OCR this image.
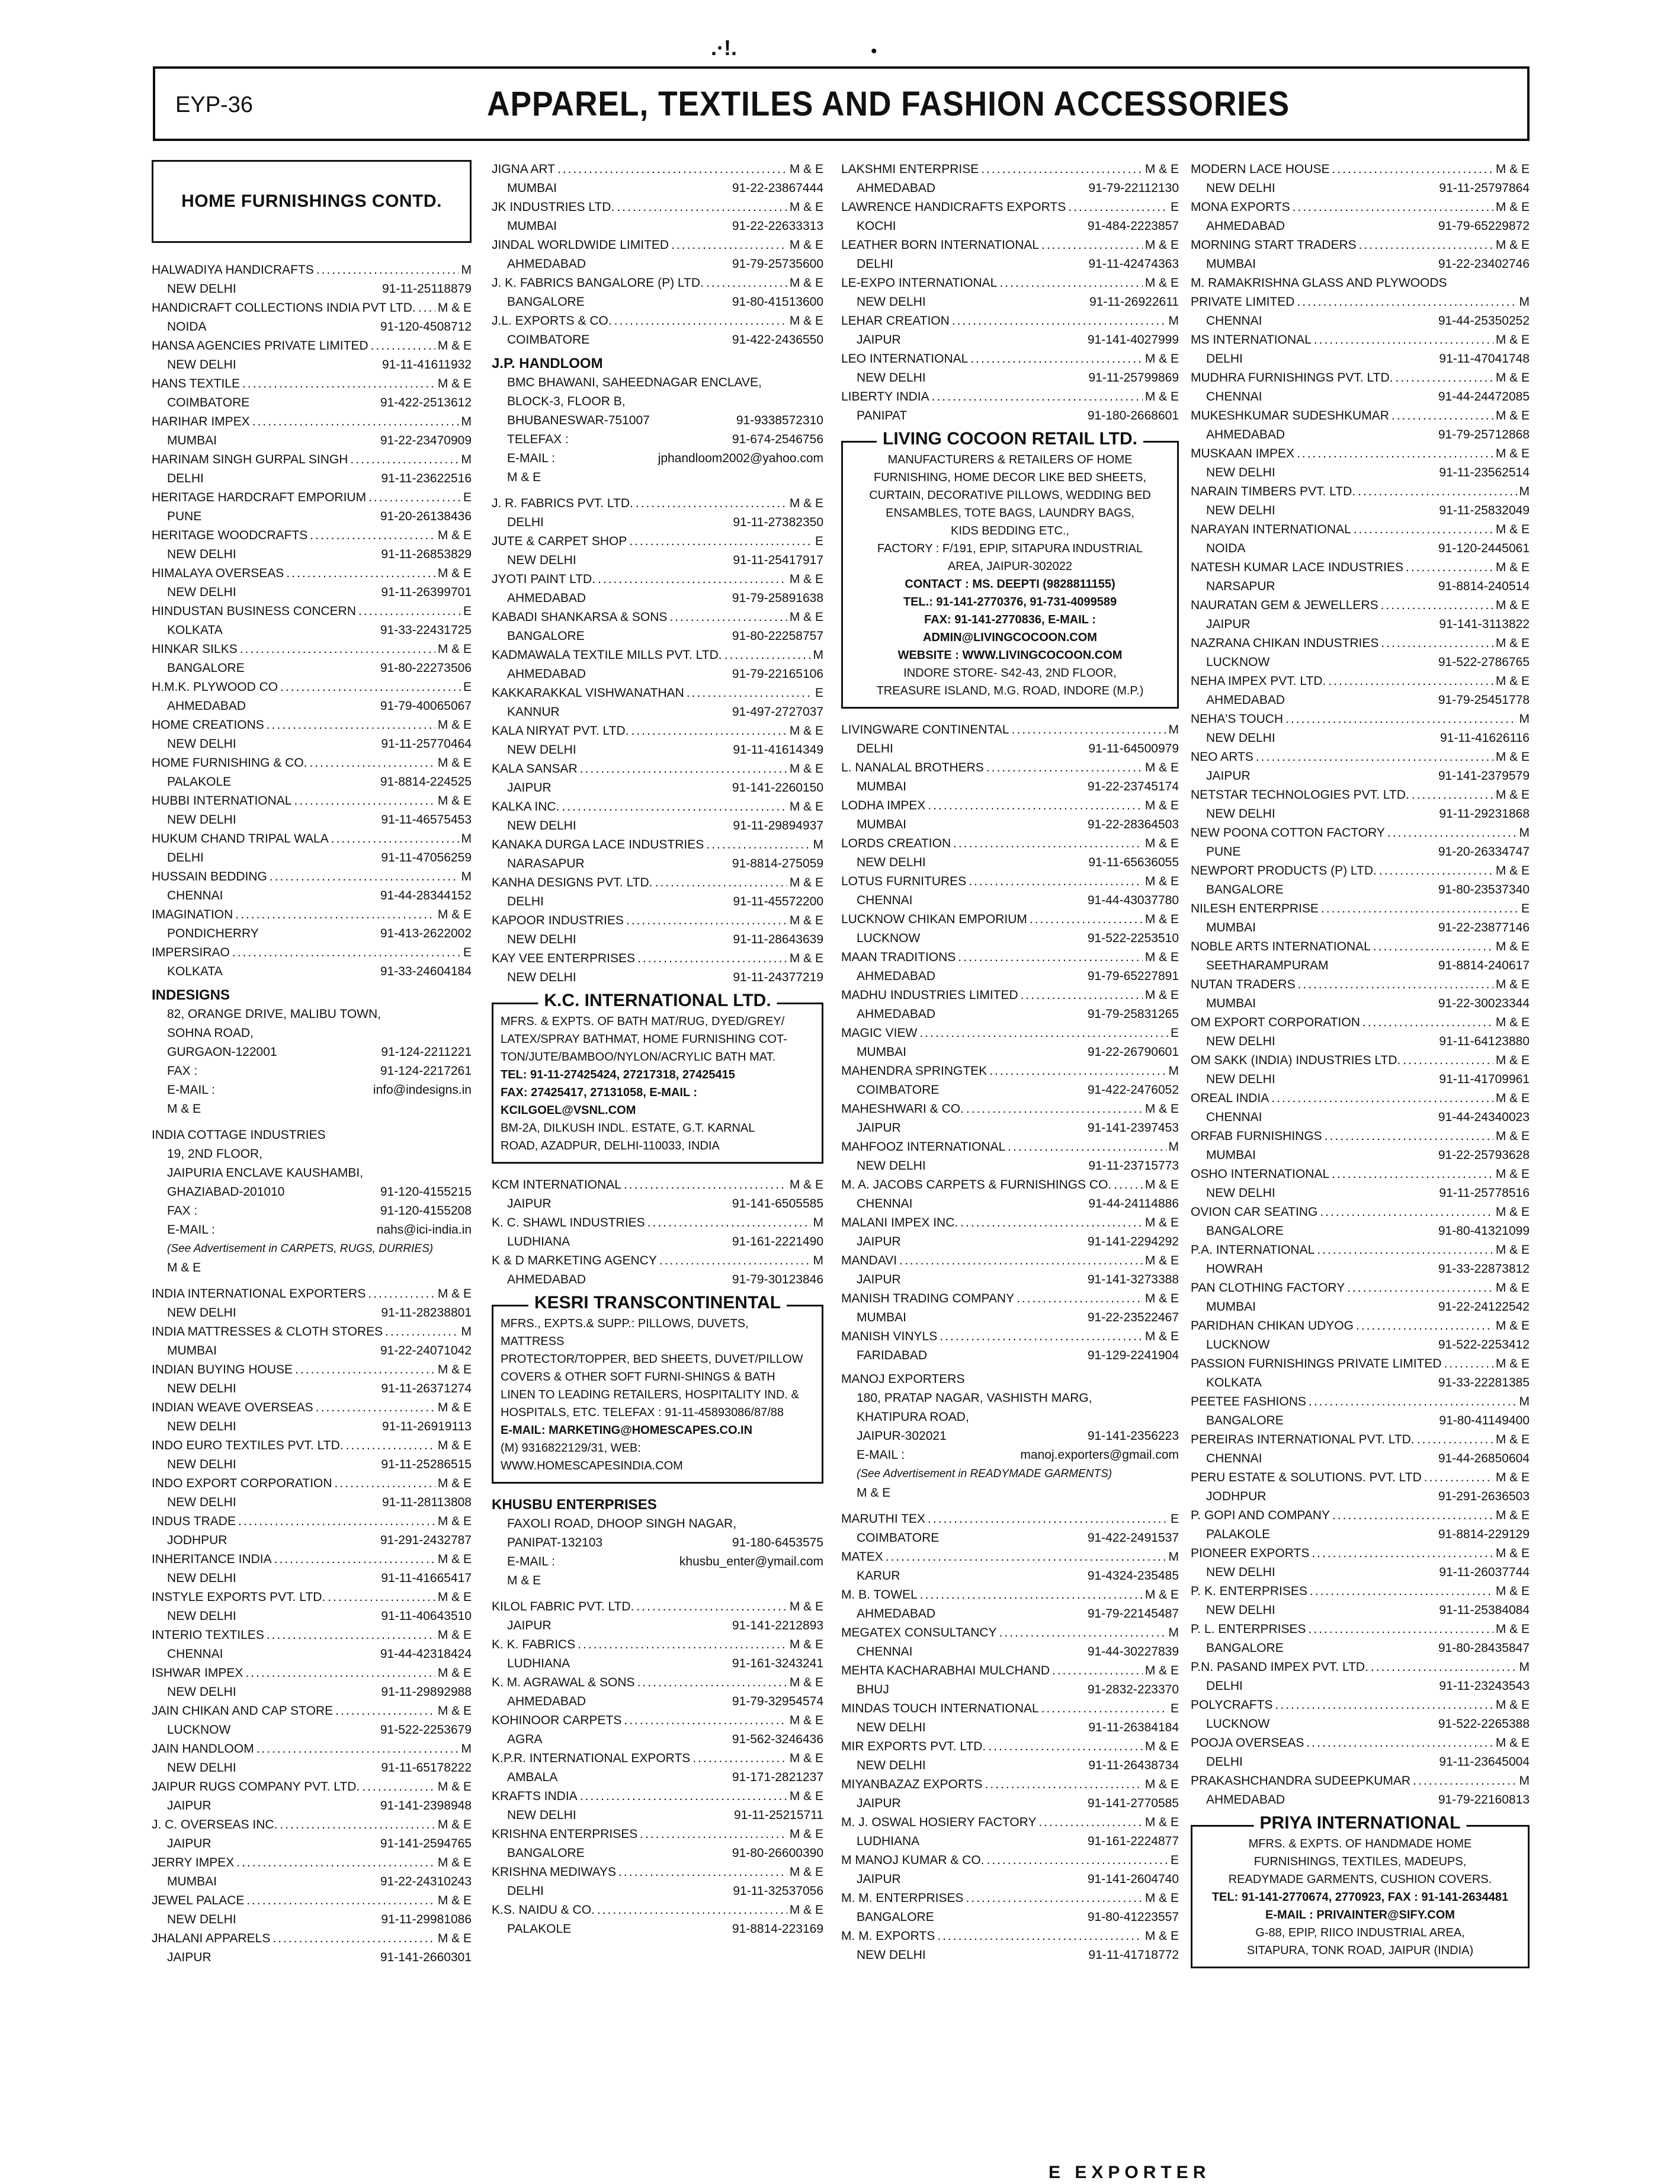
.·!.	•
EYP-36	APPAREL, TEXTILES AND FASHION ACCESSORIES
HOME FURNISHINGS CONTD.
HALWADIYA HANDICRAFTS .....	M
NEW DELHI	91-11-25118879
HANDICRAFT COLLECTIONS INDIA PVT LTD. ..... M & E
NOIDA	91-120-4508712
HANSA AGENCIES PRIVATE LIMITED .....	M & E
NEW DELHI	91-11-41611932
HANS TEXTILE .....	M & E
COIMBATORE	91-422-2513612
HARIHAR IMPEX .....	M
MUMBAI	91-22-23470909
HARINAM SINGH GURPAL SINGH .....	M
DELHI	91-11-23622516
HERITAGE HARDCRAFT EMPORIUM .....	E
PUNE	91-20-26138436
HERITAGE WOODCRAFTS .....	M & E
NEW DELHI	91-11-26853829
HIMALAYA OVERSEAS .....	M & E
NEW DELHI	91-11-26399701
HINDUSTAN BUSINESS CONCERN .....	E
KOLKATA	91-33-22431725
HINKAR SILKS .....	M & E
BANGALORE	91-80-22273506
H.M.K. PLYWOOD CO .....	E
AHMEDABAD	91-79-40065067
HOME CREATIONS .....	M & E
NEW DELHI	91-11-25770464
HOME FURNISHING & CO. .....	M & E
PALAKOLE	91-8814-224525
HUBBI INTERNATIONAL .....	M & E
NEW DELHI	91-11-46575453
HUKUM CHAND TRIPAL WALA .....	M
DELHI	91-11-47056259
HUSSAIN BEDDING .....	M
CHENNAI	91-44-28344152
IMAGINATION .....	M & E
PONDICHERRY	91-413-2622002
IMPERSIRAO .....	E
KOLKATA	91-33-24604184
INDESIGNS
82, ORANGE DRIVE, MALIBU TOWN,
SOHNA ROAD,
GURGAON-122001	91-124-2211221
FAX :	91-124-2217261
E-MAIL :	info@indesigns.in
M & E
INDIA COTTAGE INDUSTRIES
19, 2ND FLOOR,
JAIPURIA ENCLAVE KAUSHAMBI,
GHAZIABAD-201010	91-120-4155215
FAX :	91-120-4155208
E-MAIL :	nahs@ici-india.in
(See Advertisement in CARPETS, RUGS, DURRIES)
M & E
INDIA INTERNATIONAL EXPORTERS .....	M & E
NEW DELHI	91-11-28238801
INDIA MATTRESSES & CLOTH STORES .....	M
MUMBAI	91-22-24071042
INDIAN BUYING HOUSE .....	M & E
NEW DELHI	91-11-26371274
INDIAN WEAVE OVERSEAS .....	M & E
NEW DELHI	91-11-26919113
INDO EURO TEXTILES PVT. LTD. .....	M & E
NEW DELHI	91-11-25286515
INDO EXPORT CORPORATION .....	M & E
NEW DELHI	91-11-28113808
INDUS TRADE .....	M & E
JODHPUR	91-291-2432787
INHERITANCE INDIA .....	M & E
NEW DELHI	91-11-41665417
INSTYLE EXPORTS PVT. LTD. .....	M & E
NEW DELHI	91-11-40643510
INTERIO TEXTILES .....	M & E
CHENNAI	91-44-42318424
ISHWAR IMPEX .....	M & E
NEW DELHI	91-11-29892988
JAIN CHIKAN AND CAP STORE .....	M & E
LUCKNOW	91-522-2253679
JAIN HANDLOOM .....	M
NEW DELHI	91-11-65178222
JAIPUR RUGS COMPANY PVT. LTD. .....	M & E
JAIPUR	91-141-2398948
J. C. OVERSEAS INC. .....	M & E
JAIPUR	91-141-2594765
JERRY IMPEX .....	M & E
MUMBAI	91-22-24310243
JEWEL PALACE .....	M & E
NEW DELHI	91-11-29981086
JHALANI APPARELS .....	M & E
JAIPUR	91-141-2660301
JIGNA ART .....	M & E
MUMBAI	91-22-23867444
JK INDUSTRIES LTD. .....	M & E
MUMBAI	91-22-22633313
JINDAL WORLDWIDE LIMITED .....	M & E
AHMEDABAD	91-79-25735600
J. K. FABRICS BANGALORE (P) LTD. .....	M & E
BANGALORE	91-80-41513600
J.L. EXPORTS & CO. .....	M & E
COIMBATORE	91-422-2436550
J.P. HANDLOOM
BMC BHAWANI, SAHEEDNAGAR ENCLAVE,
BLOCK-3, FLOOR B,
BHUBANESWAR-751007	91-9338572310
TELEFAX :	91-674-2546756
E-MAIL :	jphandloom2002@yahoo.com
M & E
J. R. FABRICS PVT. LTD. .....	M & E
DELHI	91-11-27382350
JUTE & CARPET SHOP .....	E
NEW DELHI	91-11-25417917
JYOTI PAINT LTD. .....	M & E
AHMEDABAD	91-79-25891638
KABADI SHANKARSA & SONS .....	M & E
BANGALORE	91-80-22258757
KADMAWALA TEXTILE MILLS PVT. LTD. .....	M
AHMEDABAD	91-79-22165106
KAKKARAKKAL VISHWANATHAN .....	E
KANNUR	91-497-2727037
KALA NIRYAT PVT. LTD. .....	M & E
NEW DELHI	91-11-41614349
KALA SANSAR .....	M & E
JAIPUR	91-141-2260150
KALKA INC. .....	M & E
NEW DELHI	91-11-29894937
KANAKA DURGA LACE INDUSTRIES .....	M
NARASAPUR	91-8814-275059
KANHA DESIGNS PVT. LTD. .....	M & E
DELHI	91-11-45572200
KAPOOR INDUSTRIES .....	M & E
NEW DELHI	91-11-28643639
KAY VEE ENTERPRISES .....	M & E
NEW DELHI	91-11-24377219
K.C. INTERNATIONAL LTD.
MFRS. & EXPTS. OF BATH MAT/RUG, DYED/GREY/
LATEX/SPRAY BATHMAT, HOME FURNISHING COT-
TON/JUTE/BAMBOO/NYLON/ACRYLIC BATH MAT.
TEL: 91-11-27425424, 27217318, 27425415
FAX: 27425417, 27131058, E-MAIL : KCILGOEL@VSNL.COM
BM-2A, DILKUSH INDL. ESTATE, G.T. KARNAL
ROAD, AZADPUR, DELHI-110033, INDIA
KCM INTERNATIONAL .....	M & E
JAIPUR	91-141-6505585
K. C. SHAWL INDUSTRIES .....	M
LUDHIANA	91-161-2221490
K & D MARKETING AGENCY .....	M
AHMEDABAD	91-79-30123846
KESRI TRANSCONTINENTAL
MFRS., EXPTS.& SUPP.: PILLOWS, DUVETS, MATTRESS
PROTECTOR/TOPPER, BED SHEETS, DUVET/PILLOW
COVERS & OTHER SOFT FURNI-SHINGS & BATH
LINEN TO LEADING RETAILERS, HOSPITALITY IND. &
HOSPITALS, ETC. TELEFAX : 91-11-45893086/87/88
E-MAIL: MARKETING@HOMESCAPES.CO.IN
(M) 9316822129/31, WEB: WWW.HOMESCAPESINDIA.COM
KHUSBU ENTERPRISES
FAXOLI ROAD, DHOOP SINGH NAGAR,
PANIPAT-132103	91-180-6453575
E-MAIL :	khusbu_enter@ymail.com
M & E
KILOL FABRIC PVT. LTD. .....	M & E
JAIPUR	91-141-2212893
K. K. FABRICS .....	M & E
LUDHIANA	91-161-3243241
K. M. AGRAWAL & SONS .....	M & E
AHMEDABAD	91-79-32954574
KOHINOOR CARPETS .....	M & E
AGRA	91-562-3246436
K.P.R. INTERNATIONAL EXPORTS .....	M & E
AMBALA	91-171-2821237
KRAFTS INDIA .....	M & E
NEW DELHI	91-11-25215711
KRISHNA ENTERPRISES .....	M & E
BANGALORE	91-80-26600390
KRISHNA MEDIWAYS .....	M & E
DELHI	91-11-32537056
K.S. NAIDU & CO. .....	M & E
PALAKOLE	91-8814-223169
LAKSHMI ENTERPRISE .....	M & E
AHMEDABAD	91-79-22112130
LAWRENCE HANDICRAFTS EXPORTS .....	E
KOCHI	91-484-2223857
LEATHER BORN INTERNATIONAL .....	M & E
DELHI	91-11-42474363
LE-EXPO INTERNATIONAL .....	M & E
NEW DELHI	91-11-26922611
LEHAR CREATION .....	M
JAIPUR	91-141-4027999
LEO INTERNATIONAL .....	M & E
NEW DELHI	91-11-25799869
LIBERTY INDIA .....	M & E
PANIPAT	91-180-2668601
LIVING COCOON RETAIL LTD.
MANUFACTURERS & RETAILERS OF HOME
FURNISHING, HOME DECOR LIKE BED SHEETS,
CURTAIN, DECORATIVE PILLOWS, WEDDING BED
ENSAMBLES, TOTE BAGS, LAUNDRY BAGS,
KIDS BEDDING ETC.,
FACTORY : F/191, EPIP, SITAPURA INDUSTRIAL
AREA, JAIPUR-302022
CONTACT : MS. DEEPTI (9828811155)
TEL.: 91-141-2770376, 91-731-4099589
FAX: 91-141-2770836, E-MAIL : ADMIN@LIVINGCOCOON.COM
WEBSITE : WWW.LIVINGCOCOON.COM
INDORE STORE- S42-43, 2ND FLOOR,
TREASURE ISLAND, M.G. ROAD, INDORE (M.P.)
LIVINGWARE CONTINENTAL .....	M
DELHI	91-11-64500979
L. NANALAL BROTHERS .....	M & E
MUMBAI	91-22-23745174
LODHA IMPEX .....	M & E
MUMBAI	91-22-28364503
LORDS CREATION .....	M & E
NEW DELHI	91-11-65636055
LOTUS FURNITURES .....	M & E
CHENNAI	91-44-43037780
LUCKNOW CHIKAN EMPORIUM .....	M & E
LUCKNOW	91-522-2253510
MAAN TRADITIONS .....	M & E
AHMEDABAD	91-79-65227891
MADHU INDUSTRIES LIMITED .....	M & E
AHMEDABAD	91-79-25831265
MAGIC VIEW .....	E
MUMBAI	91-22-26790601
MAHENDRA SPRINGTEK .....	M
COIMBATORE	91-422-2476052
MAHESHWARI & CO. .....	M & E
JAIPUR	91-141-2397453
MAHFOOZ INTERNATIONAL .....	M
NEW DELHI	91-11-23715773
M. A. JACOBS CARPETS & FURNISHINGS CO. .....	M & E
CHENNAI	91-44-24114886
MALANI IMPEX INC. .....	M & E
JAIPUR	91-141-2294292
MANDAVI .....	M & E
JAIPUR	91-141-3273388
MANISH TRADING COMPANY .....	M & E
MUMBAI	91-22-23522467
MANISH VINYLS .....	M & E
FARIDABAD	91-129-2241904
MANOJ EXPORTERS
180, PRATAP NAGAR, VASHISTH MARG,
KHATIPURA ROAD,
JAIPUR-302021	91-141-2356223
E-MAIL :	manoj.exporters@gmail.com
(See Advertisement in READYMADE GARMENTS)
M & E
MARUTHI TEX .....	E
COIMBATORE	91-422-2491537
MATEX .....	M
KARUR	91-4324-235485
M. B. TOWEL .....	M & E
AHMEDABAD	91-79-22145487
MEGATEX CONSULTANCY .....	M
CHENNAI	91-44-30227839
MEHTA KACHARABHAI MULCHAND .....	M & E
BHUJ	91-2832-223370
MINDAS TOUCH INTERNATIONAL .....	E
NEW DELHI	91-11-26384184
MIR EXPORTS PVT. LTD. .....	M & E
NEW DELHI	91-11-26438734
MIYANBAZAZ EXPORTS .....	M & E
JAIPUR	91-141-2770585
M. J. OSWAL HOSIERY FACTORY .....	M & E
LUDHIANA	91-161-2224877
M MANOJ KUMAR & CO. .....	E
JAIPUR	91-141-2604740
M. M. ENTERPRISES .....	M & E
BANGALORE	91-80-41223557
M. M. EXPORTS .....	M & E
NEW DELHI	91-11-41718772
MODERN LACE HOUSE .....	M & E
NEW DELHI	91-11-25797864
MONA EXPORTS .....	M & E
AHMEDABAD	91-79-65229872
MORNING START TRADERS .....	M & E
MUMBAI	91-22-23402746
M. RAMAKRISHNA GLASS AND PLYWOODS
PRIVATE LIMITED .....	M
CHENNAI	91-44-25350252
MS INTERNATIONAL .....	M & E
DELHI	91-11-47041748
MUDHRA FURNISHINGS PVT. LTD. .....	M & E
CHENNAI	91-44-24472085
MUKESHKUMAR SUDESHKUMAR .....	M & E
AHMEDABAD	91-79-25712868
MUSKAAN IMPEX .....	M & E
NEW DELHI	91-11-23562514
NARAIN TIMBERS PVT. LTD. .....	M
NEW DELHI	91-11-25832049
NARAYAN INTERNATIONAL .....	M & E
NOIDA	91-120-2445061
NATESH KUMAR LACE INDUSTRIES .....	M & E
NARSAPUR	91-8814-240514
NAURATAN GEM & JEWELLERS .....	M & E
JAIPUR	91-141-3113822
NAZRANA CHIKAN INDUSTRIES .....	M & E
LUCKNOW	91-522-2786765
NEHA IMPEX PVT. LTD. .....	M & E
AHMEDABAD	91-79-25451778
NEHA'S TOUCH .....	M
NEW DELHI	91-11-41626116
NEO ARTS .....	M & E
JAIPUR	91-141-2379579
NETSTAR TECHNOLOGIES PVT. LTD. .....	M & E
NEW DELHI	91-11-29231868
NEW POONA COTTON FACTORY .....	M
PUNE	91-20-26334747
NEWPORT PRODUCTS (P) LTD. .....	M & E
BANGALORE	91-80-23537340
NILESH ENTERPRISE .....	E
MUMBAI	91-22-23877146
NOBLE ARTS INTERNATIONAL .....	M & E
SEETHARAMPURAM	91-8814-240617
NUTAN TRADERS .....	M & E
MUMBAI	91-22-30023344
OM EXPORT CORPORATION .....	M & E
NEW DELHI	91-11-64123880
OM SAKK (INDIA) INDUSTRIES LTD. .....	M & E
NEW DELHI	91-11-41709961
OREAL INDIA .....	M & E
CHENNAI	91-44-24340023
ORFAB FURNISHINGS .....	M & E
MUMBAI	91-22-25793628
OSHO INTERNATIONAL .....	M & E
NEW DELHI	91-11-25778516
OVION CAR SEATING .....	M & E
BANGALORE	91-80-41321099
P.A. INTERNATIONAL .....	M & E
HOWRAH	91-33-22873812
PAN CLOTHING FACTORY .....	M & E
MUMBAI	91-22-24122542
PARIDHAN CHIKAN UDYOG .....	M & E
LUCKNOW	91-522-2253412
PASSION FURNISHINGS PRIVATE LIMITED .....	M & E
KOLKATA	91-33-22281385
PEETEE FASHIONS .....	M
BANGALORE	91-80-41149400
PEREIRAS INTERNATIONAL PVT. LTD. .....	M & E
CHENNAI	91-44-26850604
PERU ESTATE & SOLUTIONS. PVT. LTD .....	M & E
JODHPUR	91-291-2636503
P. GOPI AND COMPANY .....	M & E
PALAKOLE	91-8814-229129
PIONEER EXPORTS .....	M & E
NEW DELHI	91-11-26037744
P. K. ENTERPRISES .....	M & E
NEW DELHI	91-11-25384084
P. L. ENTERPRISES .....	M & E
BANGALORE	91-80-28435847
P.N. PASAND IMPEX PVT. LTD. .....	M
DELHI	91-11-23243543
POLYCRAFTS .....	M & E
LUCKNOW	91-522-2265388
POOJA OVERSEAS .....	M & E
DELHI	91-11-23645004
PRAKASHCHANDRA SUDEEPKUMAR .....	M
AHMEDABAD	91-79-22160813
PRIYA INTERNATIONAL
MFRS. & EXPTS. OF HANDMADE HOME
FURNISHINGS, TEXTILES, MADEUPS,
READYMADE GARMENTS, CUSHION COVERS.
TEL: 91-141-2770674, 2770923, FAX : 91-141-2634481
E-MAIL : PRIVAINTER@SIFY.COM
G-88, EPIP, RIICO INDUSTRIAL AREA,
SITAPURA, TONK ROAD, JAIPUR (INDIA)
E EXPORTER
